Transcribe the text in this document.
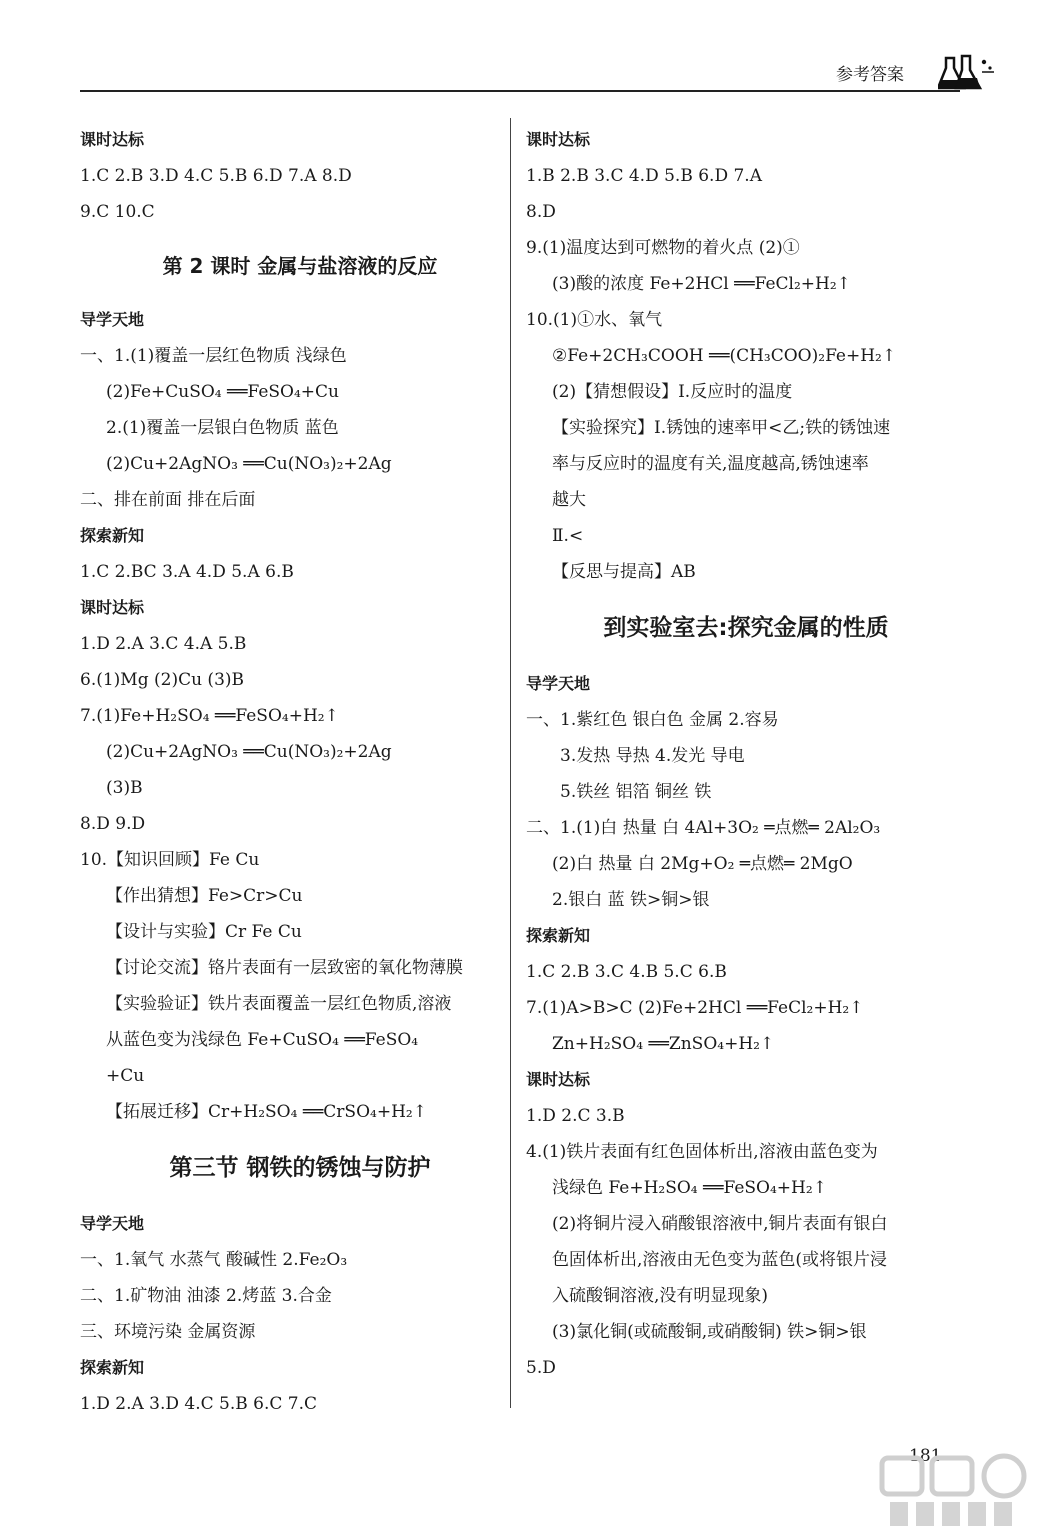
参考答案
课时达标
1.C 2.B 3.D 4.C 5.B 6.D 7.A 8.D
9.C 10.C
第 2 课时 金属与盐溶液的反应
导学天地
一、1.(1)覆盖一层红色物质 浅绿色
(2)Fe+CuSO₄ ══FeSO₄+Cu
2.(1)覆盖一层银白色物质 蓝色
(2)Cu+2AgNO₃ ══Cu(NO₃)₂+2Ag
二、排在前面 排在后面
探索新知
1.C 2.BC 3.A 4.D 5.A 6.B
课时达标
1.D 2.A 3.C 4.A 5.B
6.(1)Mg (2)Cu (3)B
7.(1)Fe+H₂SO₄ ══FeSO₄+H₂↑
(2)Cu+2AgNO₃ ══Cu(NO₃)₂+2Ag
(3)B
8.D 9.D
10.【知识回顾】Fe Cu
【作出猜想】Fe>Cr>Cu
【设计与实验】Cr Fe Cu
【讨论交流】铬片表面有一层致密的氧化物薄膜
【实验验证】铁片表面覆盖一层红色物质,溶液
从蓝色变为浅绿色 Fe+CuSO₄ ══FeSO₄
+Cu
【拓展迁移】Cr+H₂SO₄ ══CrSO₄+H₂↑
第三节 钢铁的锈蚀与防护
导学天地
一、1.氧气 水蒸气 酸碱性 2.Fe₂O₃
二、1.矿物油 油漆 2.烤蓝 3.合金
三、环境污染 金属资源
探索新知
1.D 2.A 3.D 4.C 5.B 6.C 7.C
课时达标
1.B 2.B 3.C 4.D 5.B 6.D 7.A
8.D
9.(1)温度达到可燃物的着火点 (2)①
(3)酸的浓度 Fe+2HCl ══FeCl₂+H₂↑
10.(1)①水、氧气
②Fe+2CH₃COOH ══(CH₃COO)₂Fe+H₂↑
(2)【猜想假设】Ⅰ.反应时的温度
【实验探究】Ⅰ.锈蚀的速率甲<乙;铁的锈蚀速
率与反应时的温度有关,温度越高,锈蚀速率
越大
Ⅱ.<
【反思与提高】AB
到实验室去:探究金属的性质
导学天地
一、1.紫红色 银白色 金属 2.容易
3.发热 导热 4.发光 导电
5.铁丝 铝箔 铜丝 铁
二、1.(1)白 热量 白 4Al+3O₂ ═点燃═ 2Al₂O₃
(2)白 热量 白 2Mg+O₂ ═点燃═ 2MgO
2.银白 蓝 铁>铜>银
探索新知
1.C 2.B 3.C 4.B 5.C 6.B
7.(1)A>B>C (2)Fe+2HCl ══FeCl₂+H₂↑
Zn+H₂SO₄ ══ZnSO₄+H₂↑
课时达标
1.D 2.C 3.B
4.(1)铁片表面有红色固体析出,溶液由蓝色变为
浅绿色 Fe+H₂SO₄ ══FeSO₄+H₂↑
(2)将铜片浸入硝酸银溶液中,铜片表面有银白
色固体析出,溶液由无色变为蓝色(或将银片浸
入硫酸铜溶液,没有明显现象)
(3)氯化铜(或硫酸铜,或硝酸铜) 铁>铜>银
5.D
181
